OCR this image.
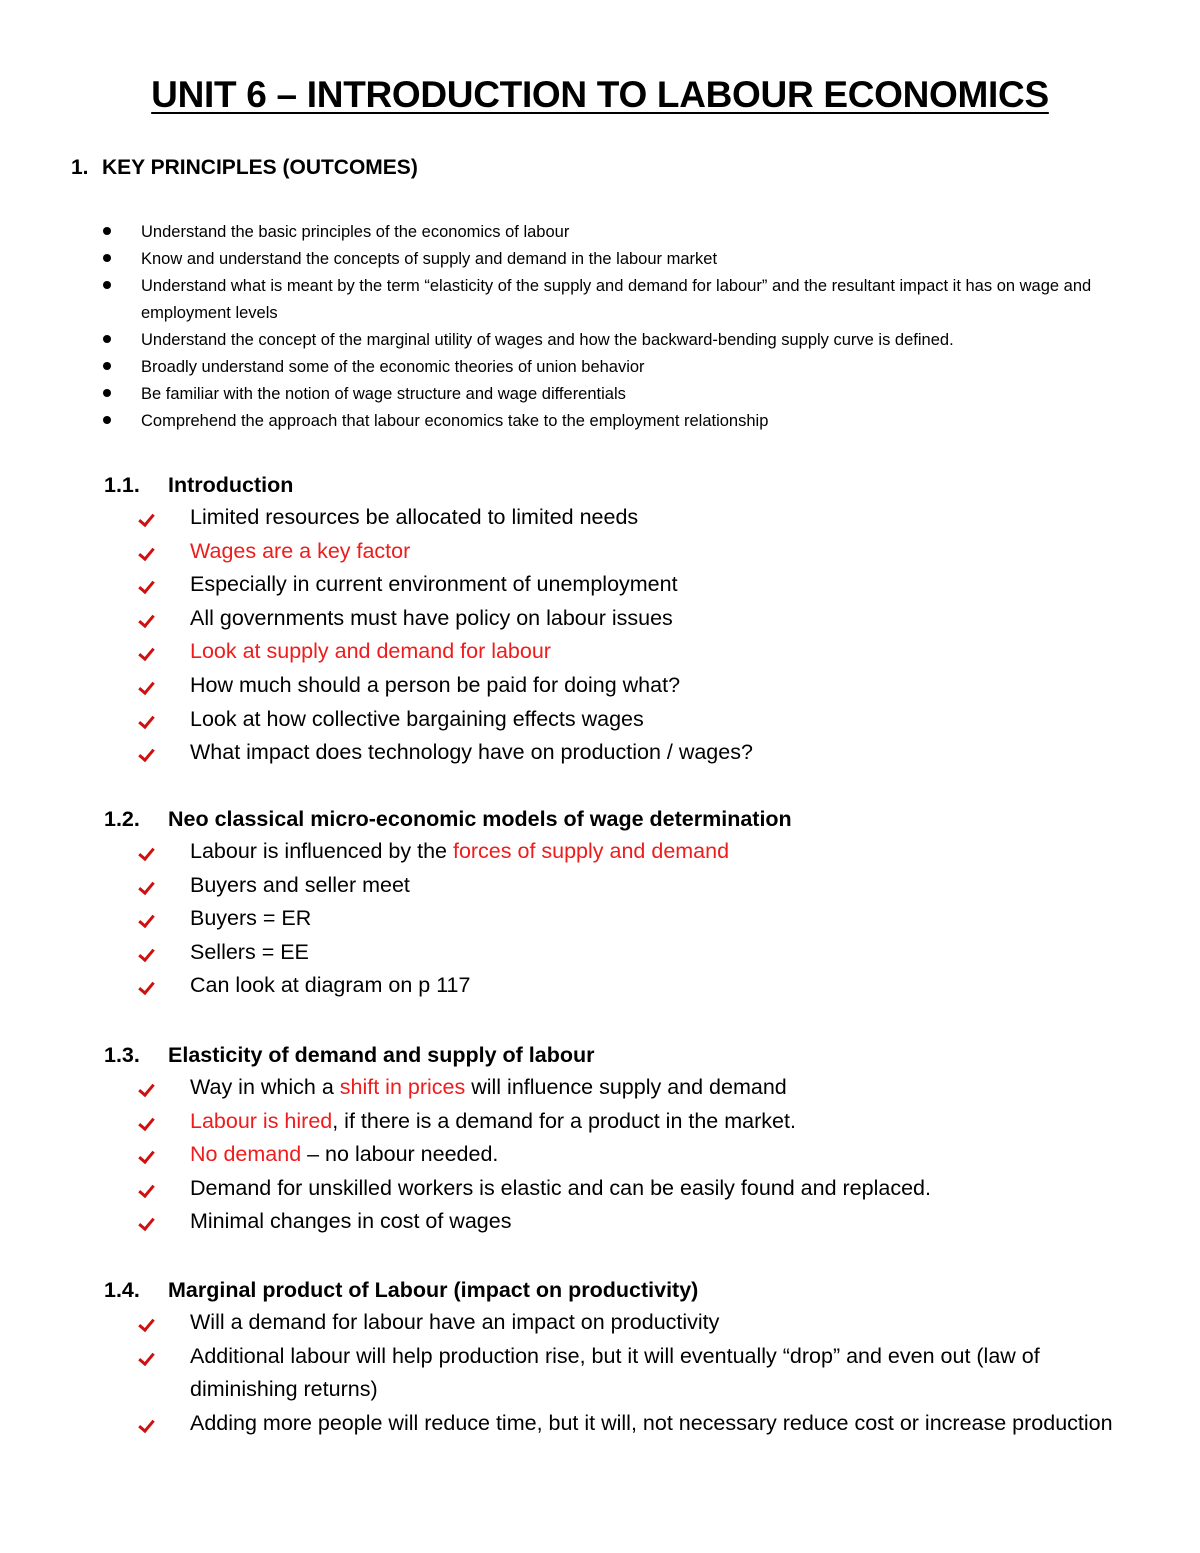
UNIT 6 – INTRODUCTION TO LABOUR ECONOMICS
1. KEY PRINCIPLES (OUTCOMES)
Understand the basic principles of the economics of labour
Know and understand the concepts of supply and demand in the labour market
Understand what is meant by the term “elasticity of the supply and demand for labour” and the resultant impact it has on wage and employment levels
Understand the concept of the marginal utility of wages and how the backward-bending supply curve is defined.
Broadly understand some of the economic theories of union behavior
Be familiar with the notion of wage structure and wage differentials
Comprehend the approach that labour economics take to the employment relationship
1.1. Introduction
Limited resources be allocated to limited needs
Wages are a key factor
Especially in current environment of unemployment
All governments must have policy on labour issues
Look at supply and demand for labour
How much should a person be paid for doing what?
Look at how collective bargaining effects wages
What impact does technology have on production / wages?
1.2. Neo classical micro-economic models of wage determination
Labour is influenced by the forces of supply and demand
Buyers and seller meet
Buyers = ER
Sellers = EE
Can look at diagram on p 117
1.3. Elasticity of demand and supply of labour
Way in which a shift in prices will influence supply and demand
Labour is hired, if there is a demand for a product in the market.
No demand – no labour needed.
Demand for unskilled workers is elastic and can be easily found and replaced.
Minimal changes in cost of wages
1.4. Marginal product of Labour (impact on productivity)
Will a demand for labour have an impact on productivity
Additional labour will help production rise, but it will eventually “drop” and even out (law of diminishing returns)
Adding more people will reduce time, but it will, not necessary reduce cost or increase production
